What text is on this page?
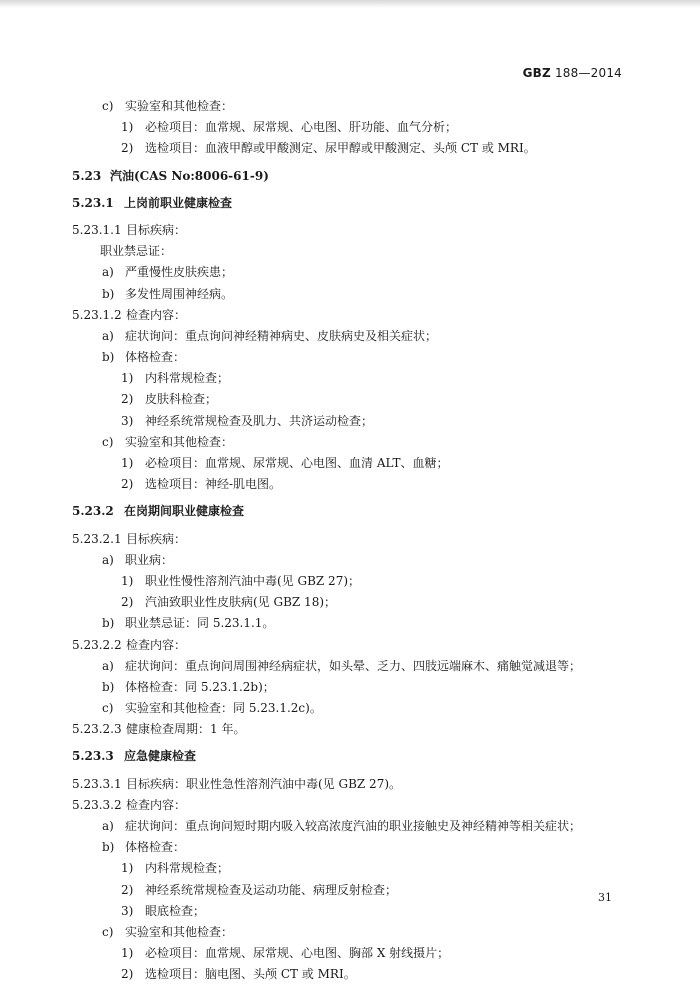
GBZ 188—2014
c) 实验室和其他检查：
1) 必检项目：血常规、尿常规、心电图、肝功能、血气分析；
2) 选检项目：血液甲醇或甲酸测定、尿甲醇或甲酸测定、头颅 CT 或 MRI。
5.23 汽油(CAS No:8006-61-9)
5.23.1 上岗前职业健康检查
5.23.1.1 目标疾病：
职业禁忌证：
a) 严重慢性皮肤疾患；
b) 多发性周围神经病。
5.23.1.2 检查内容：
a) 症状询问：重点询问神经精神病史、皮肤病史及相关症状；
b) 体格检查：
1) 内科常规检查；
2) 皮肤科检查；
3) 神经系统常规检查及肌力、共济运动检查；
c) 实验室和其他检查：
1) 必检项目：血常规、尿常规、心电图、血清 ALT、血糖；
2) 选检项目：神经-肌电图。
5.23.2 在岗期间职业健康检查
5.23.2.1 目标疾病：
a) 职业病：
1) 职业性慢性溶剂汽油中毒(见 GBZ 27)；
2) 汽油致职业性皮肤病(见 GBZ 18)；
b) 职业禁忌证：同 5.23.1.1。
5.23.2.2 检查内容：
a) 症状询问：重点询问周围神经病症状，如头晕、乏力、四肢远端麻木、痛触觉减退等；
b) 体格检查：同 5.23.1.2b)；
c) 实验室和其他检查：同 5.23.1.2c)。
5.23.2.3 健康检查周期：1 年。
5.23.3 应急健康检查
5.23.3.1 目标疾病：职业性急性溶剂汽油中毒(见 GBZ 27)。
5.23.3.2 检查内容：
a) 症状询问：重点询问短时期内吸入较高浓度汽油的职业接触史及神经精神等相关症状；
b) 体格检查：
1) 内科常规检查；
2) 神经系统常规检查及运动功能、病理反射检查；
3) 眼底检查；
c) 实验室和其他检查：
1) 必检项目：血常规、尿常规、心电图、胸部 X 射线摄片；
2) 选检项目：脑电图、头颅 CT 或 MRI。
31
